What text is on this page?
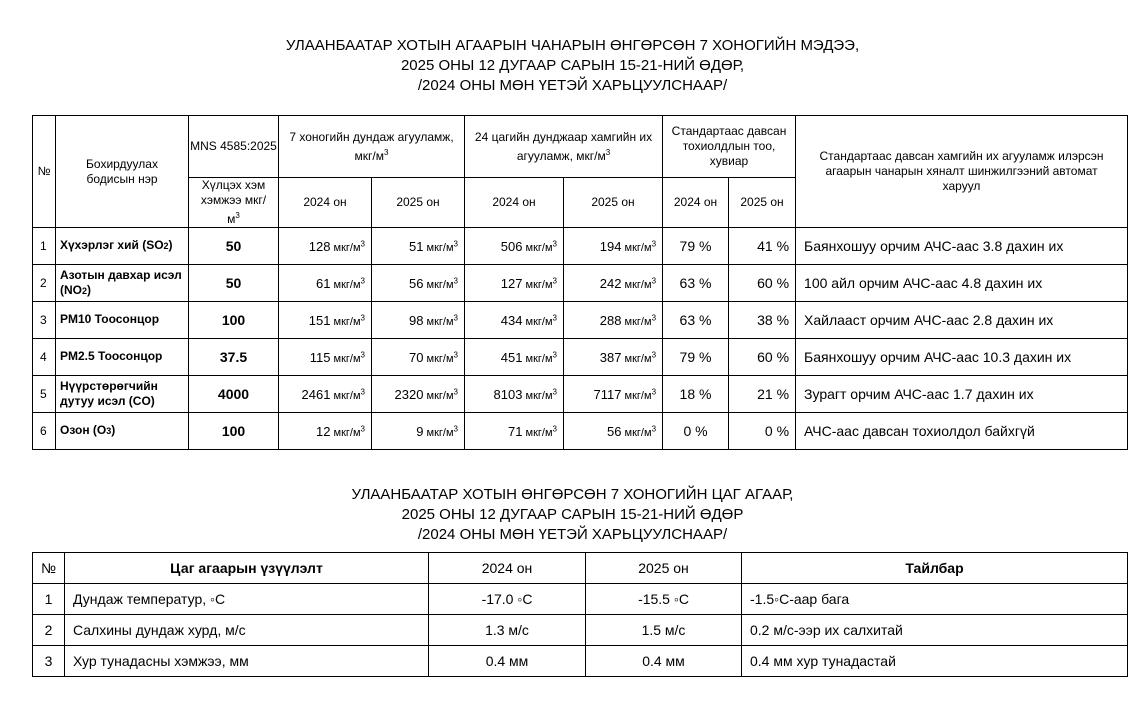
УЛААНБААТАР ХОТЫН АГААРЫН ЧАНАРЫН ӨНГӨРСӨН 7 ХОНОГИЙН МЭДЭЭ,
2025 ОНЫ 12 ДУГААР САРЫН 15-21-НИЙ ӨДӨР,
/2024 ОНЫ МӨН ҮЕТЭЙ ХАРЬЦУУЛСНААР/
№	Бохирдуулах бодисын нэр	MNS 4585:2025	7 хоногийн дундаж агууламж, мкг/$м^3$		24 цагийн дунджаар хамгийн их агууламж, мкг/$м^3$		Стандартаас давсан тохиолдлын тоо, хувиар		Стандартаас давсан хамгийн их агууламж илэрсэн агаарын чанарын хяналт шинжилгээний автомат харуул
		Хүлцэх хэм хэмжээ мкг/$м^3$	2024 он	2025 он	2024 он	2025 он	2024 он	2025 он	
1	Хүхэрлэг хий (SO2)	50	128 мкг/$м^3$	51 мкг/$м^3$	506 мкг/$м^3$	194 мкг/$м^3$	79 %	41 %	Баянхошуу орчим АЧС-аас 3.8 дахин их
2	Азотын давхар исэл (NO2)	50	61 мкг/$м^3$	56 мкг/$м^3$	127 мкг/$м^3$	242 мкг/$м^3$	63 %	60 %	100 айл орчим АЧС-аас 4.8 дахин их
3	PM10 Тоосонцор	100	151 мкг/$м^3$	98 мкг/$м^3$	434 мкг/$м^3$	288 мкг/$м^3$	63 %	38 %	Хайлааст орчим АЧС-аас 2.8 дахин их
4	PM2.5 Тоосонцор	37.5	115 мкг/$м^3$	70 мкг/$м^3$	451 мкг/$м^3$	387 мкг/$м^3$	79 %	60 %	Баянхошуу орчим АЧС-аас 10.3 дахин их
5	Нүүрстөрөгчийн дутуу исэл (CO)	4000	2461 мкг/$м^3$	2320 мкг/$м^3$	8103 мкг/$м^3$	7117 мкг/$м^3$	18 %	21 %	Зурагт орчим АЧС-аас 1.7 дахин их
6	Озон (O3)	100	12 мкг/$м^3$	9 мкг/$м^3$	71 мкг/$м^3$	56 мкг/$м^3$	0 %	0 %	АЧС-аас давсан тохиолдол байхгүй
УЛААНБААТАР ХОТЫН ӨНГӨРСӨН 7 ХОНОГИЙН ЦАГ АГААР,
2025 ОНЫ 12 ДУГААР САРЫН 15-21-НИЙ ӨДӨР
/2024 ОНЫ МӨН ҮЕТЭЙ ХАРЬЦУУЛСНААР/
№	Цаг агаарын үзүүлэлт	2024 он	2025 он	Тайлбар
1	Дундаж температур, ◦С	-17.0 ◦С	-15.5 ◦С	-1.5◦С-аар бага
2	Салхины дундаж хурд, м/с	1.3 м/с	1.5 м/с	0.2 м/с-ээр их салхитай
3	Хур тунадасны хэмжээ, мм	0.4 мм	0.4 мм	0.4 мм хур тунадастай
